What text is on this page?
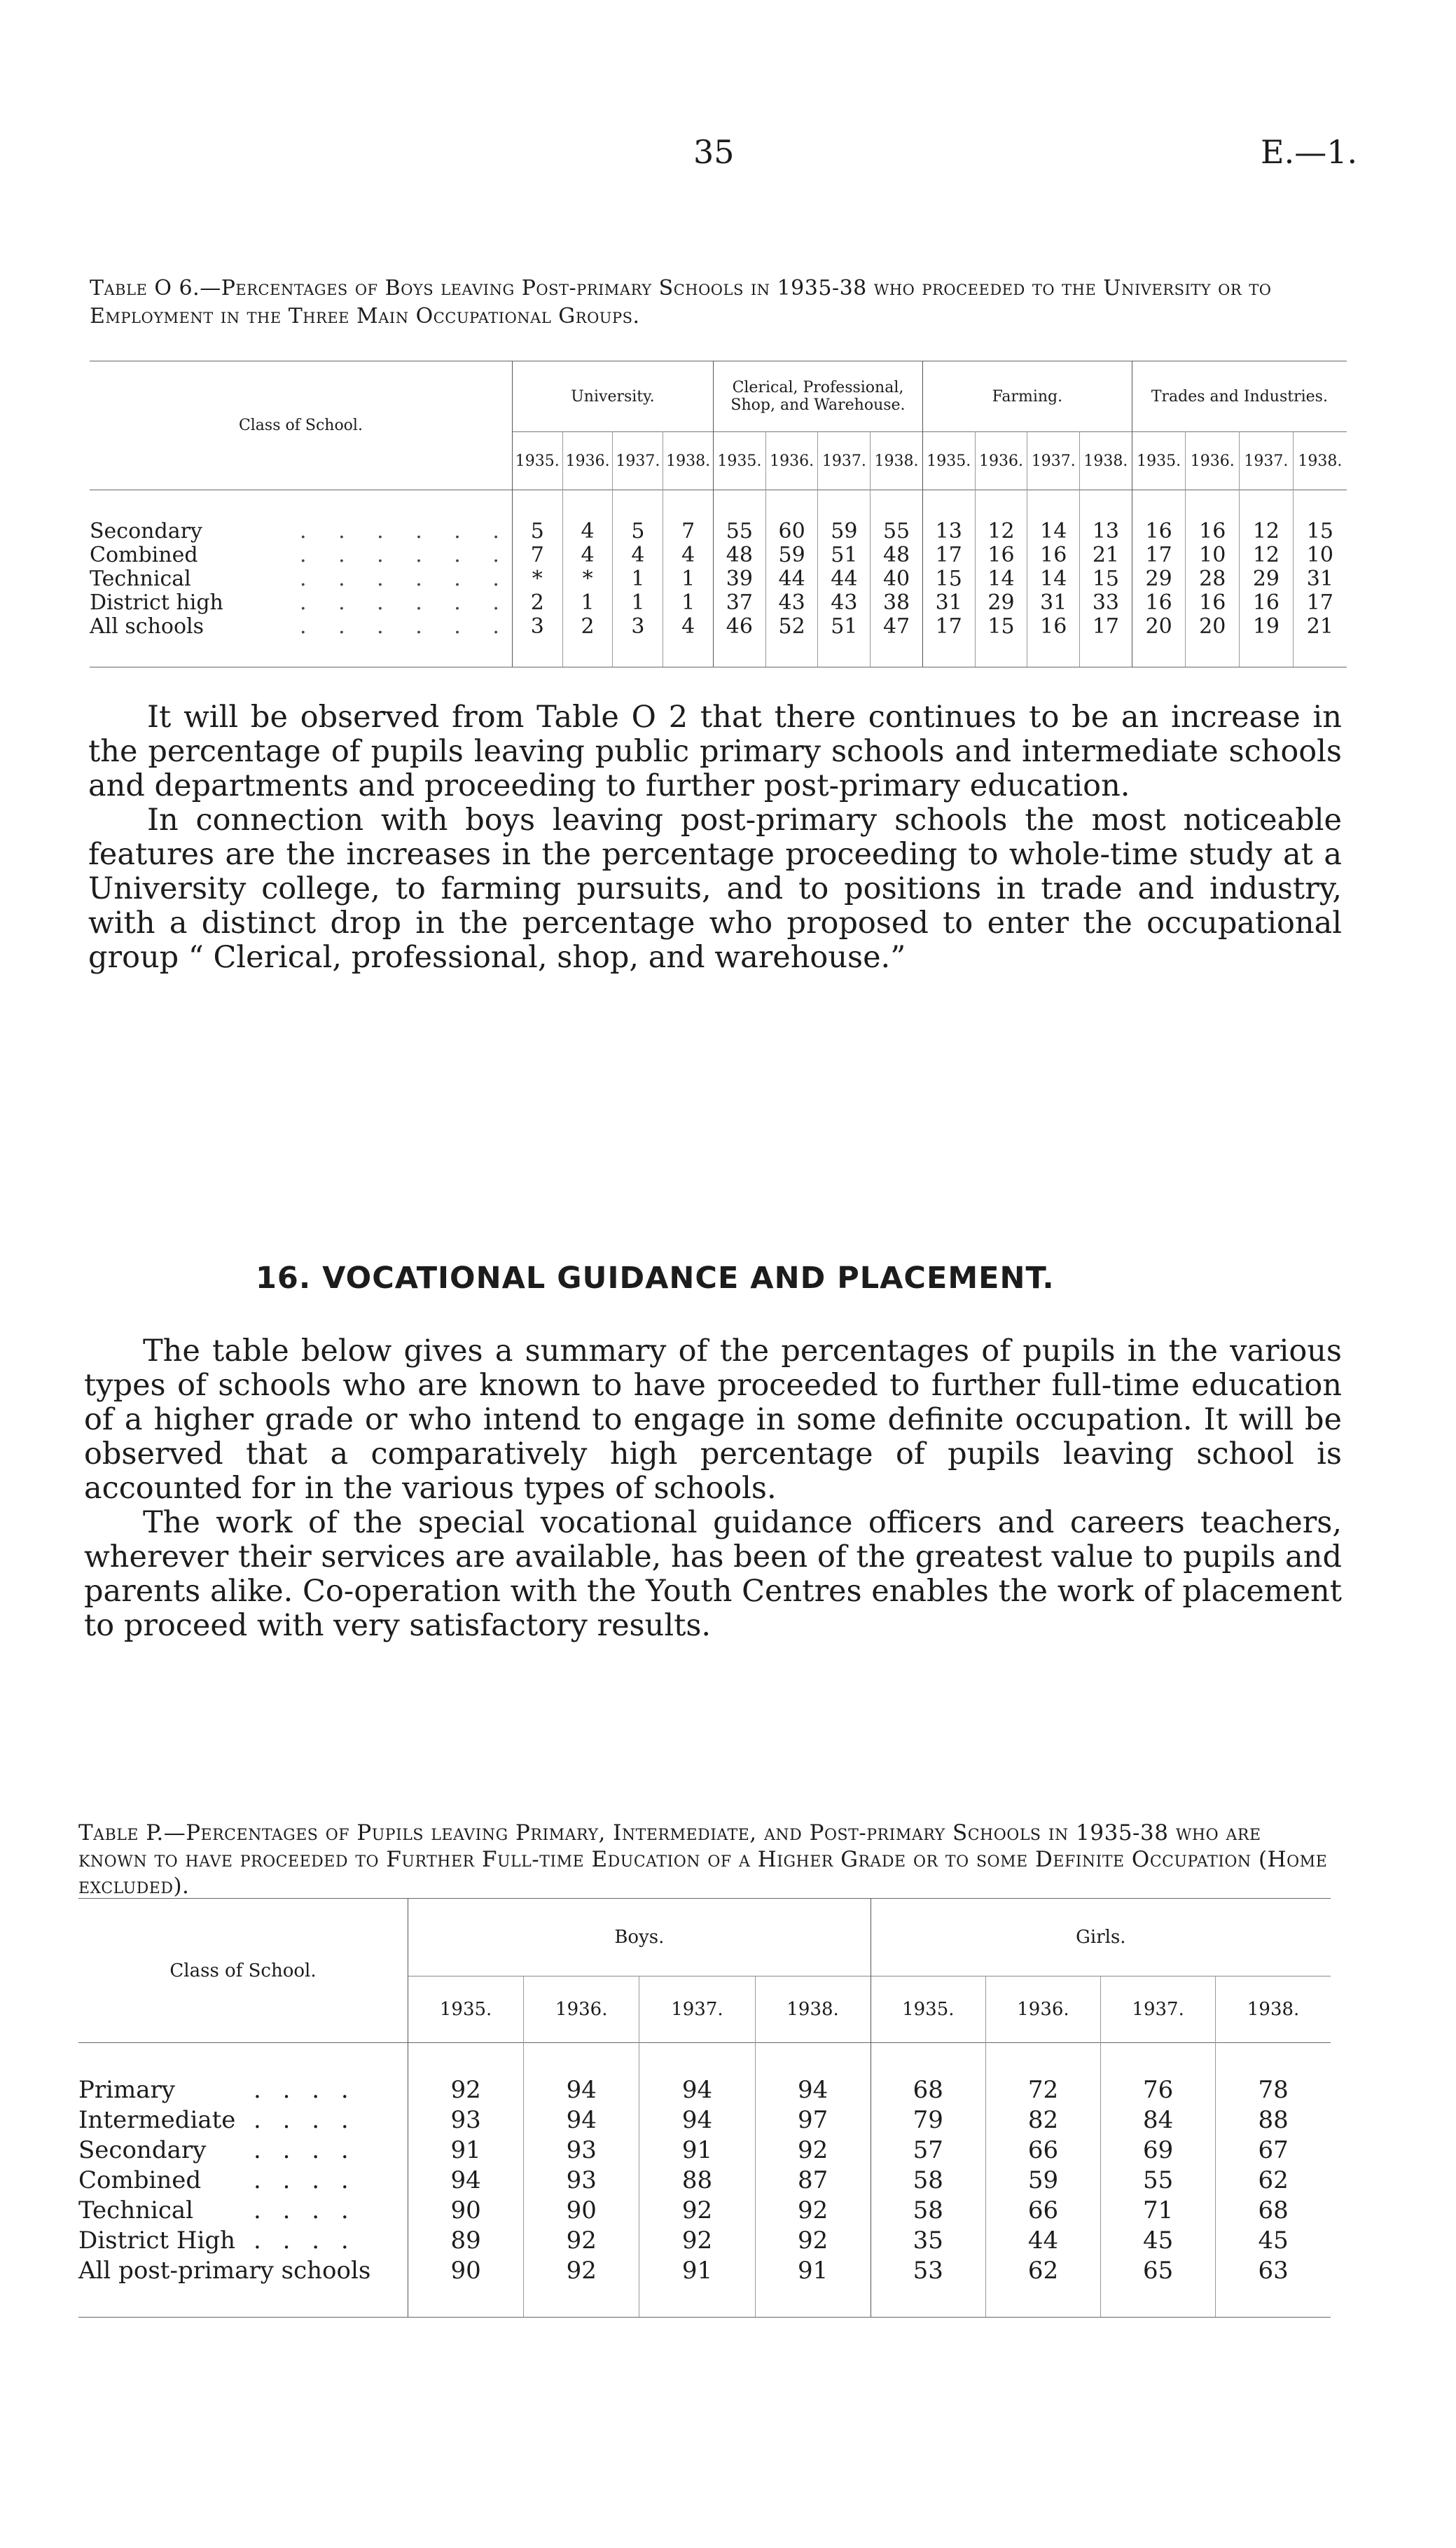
35	E.—1.
Table O 6.—Percentages of Boys leaving Post-primary Schools in 1935-38 who proceeded to the University or to Employment in the Three Main Occupational Groups.
Class of School.	University.				Clerical, Professional, Shop, and Warehouse.				Farming.				Trades and Industries.			
	1935.	1936.	1937.	1938.	1935.	1936.	1937.	1938.	1935.	1936.	1937.	1938.	1935.	1936.	1937.	1938.
Secondary . . . . . .	5	4	5	7	55	60	59	55	13	12	14	13	16	16	12	15
Combined . . . . . .	7	4	4	4	48	59	51	48	17	16	16	21	17	10	12	10
Technical . . . . . .	*	*	1	1	39	44	44	40	15	14	14	15	29	28	29	31
District high . . . . . .	2	1	1	1	37	43	43	38	31	29	31	33	16	16	16	17
All schools . . . . . .	3	2	3	4	46	52	51	47	17	15	16	17	20	20	19	21

It will be observed from Table O 2 that there continues to be an increase in the percentage of pupils leaving public primary schools and intermediate schools and departments and proceeding to further post-primary education.

In connection with boys leaving post-primary schools the most noticeable features are the increases in the percentage proceeding to whole-time study at a University college, to farming pursuits, and to positions in trade and industry, with a distinct drop in the percentage who proposed to enter the occupational group “ Clerical, professional, shop, and warehouse.”

16. VOCATIONAL GUIDANCE AND PLACEMENT.

The table below gives a summary of the percentages of pupils in the various types of schools who are known to have proceeded to further full-time education of a higher grade or who intend to engage in some definite occupation. It will be observed that a comparatively high percentage of pupils leaving school is accounted for in the various types of schools.

The work of the special vocational guidance officers and careers teachers, wherever their services are available, has been of the greatest value to pupils and parents alike. Co-operation with the Youth Centres enables the work of placement to proceed with very satisfactory results.

Table P.—Percentages of Pupils leaving Primary, Intermediate, and Post-primary Schools in 1935-38 who are known to have proceeded to Further Full-time Education of a Higher Grade or to some Definite Occupation (Home excluded).
Class of School.	Boys.				Girls.			
	1935.	1936.	1937.	1938.	1935.	1936.	1937.	1938.
Primary . . . .	92	94	94	94	68	72	76	78
Intermediate . . . .	93	94	94	97	79	82	84	88
Secondary . . . .	91	93	91	92	57	66	69	67
Combined . . . .	94	93	88	87	58	59	55	62
Technical . . . .	90	90	92	92	58	66	71	68
District High . . . .	89	92	92	92	35	44	45	45
All post-primary schools	90	92	91	91	53	62	65	63
